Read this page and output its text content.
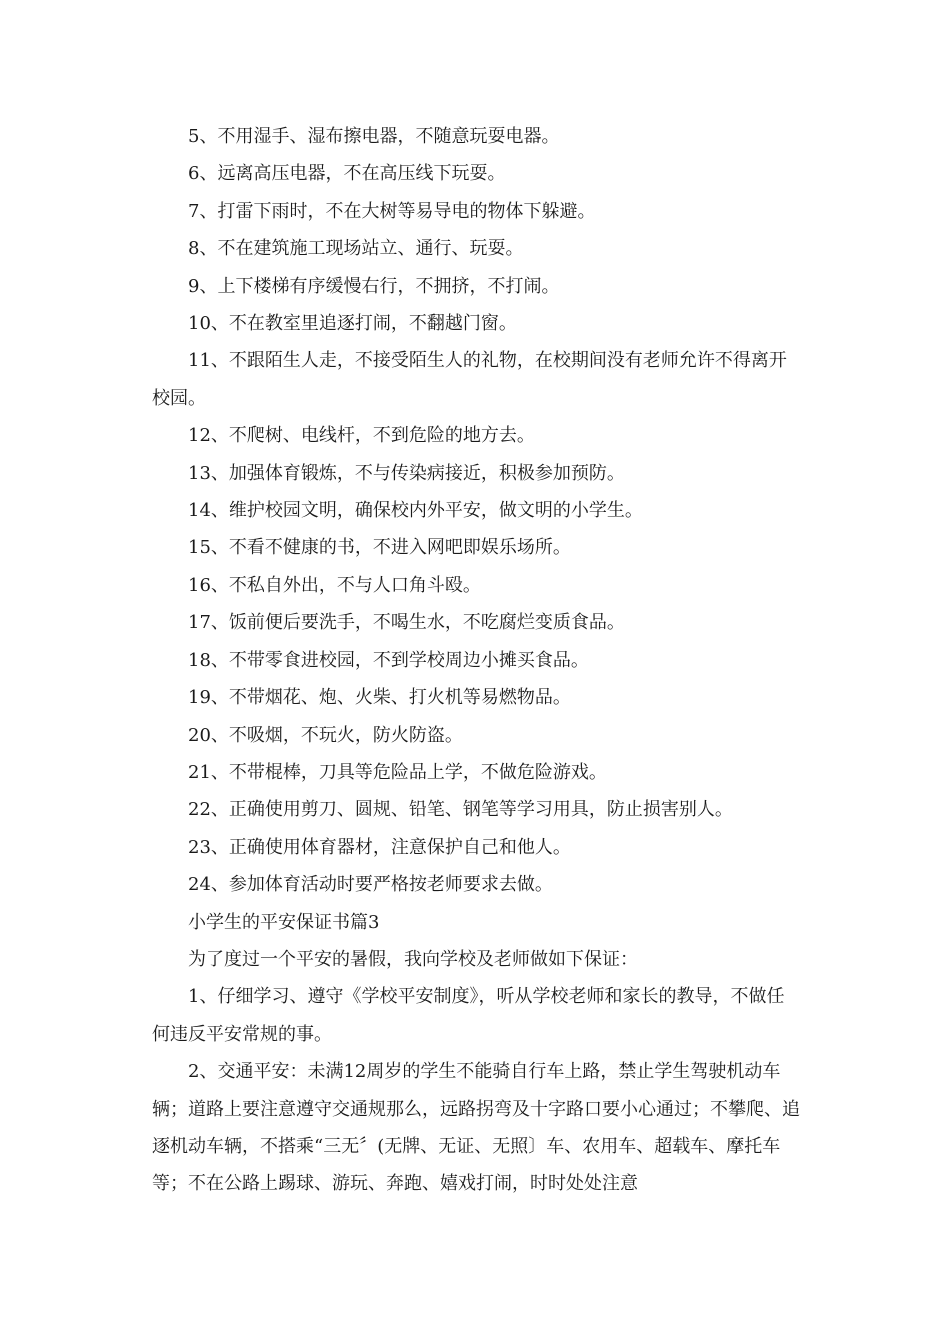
5、不用湿手、湿布擦电器，不随意玩耍电器。

6、远离高压电器，不在高压线下玩耍。

7、打雷下雨时，不在大树等易导电的物体下躲避。

8、不在建筑施工现场站立、通行、玩耍。

9、上下楼梯有序缓慢右行，不拥挤，不打闹。

10、不在教室里追逐打闹，不翻越门窗。

11、不跟陌生人走，不接受陌生人的礼物，在校期间没有老师允许不得离开校园。

12、不爬树、电线杆，不到危险的地方去。

13、加强体育锻炼，不与传染病接近，积极参加预防。

14、维护校园文明，确保校内外平安，做文明的小学生。

15、不看不健康的书，不进入网吧即娱乐场所。

16、不私自外出，不与人口角斗殴。

17、饭前便后要洗手，不喝生水，不吃腐烂变质食品。

18、不带零食进校园，不到学校周边小摊买食品。

19、不带烟花、炮、火柴、打火机等易燃物品。

20、不吸烟，不玩火，防火防盗。

21、不带棍棒，刀具等危险品上学，不做危险游戏。

22、正确使用剪刀、圆规、铅笔、钢笔等学习用具，防止损害别人。

23、正确使用体育器材，注意保护自己和他人。

24、参加体育活动时要严格按老师要求去做。

小学生的平安保证书篇3

为了度过一个平安的暑假，我向学校及老师做如下保证：

1、仔细学习、遵守《学校平安制度》，听从学校老师和家长的教导，不做任何违反平安常规的事。

2、交通平安：未满12周岁的学生不能骑自行车上路，禁止学生驾驶机动车辆；道路上要注意遵守交通规那么，远路拐弯及十字路口要小心通过；不攀爬、追逐机动车辆，不搭乘“三无〞(无牌、无证、无照〕车、农用车、超载车、摩托车等；不在公路上踢球、游玩、奔跑、嬉戏打闹，时时处处注意
